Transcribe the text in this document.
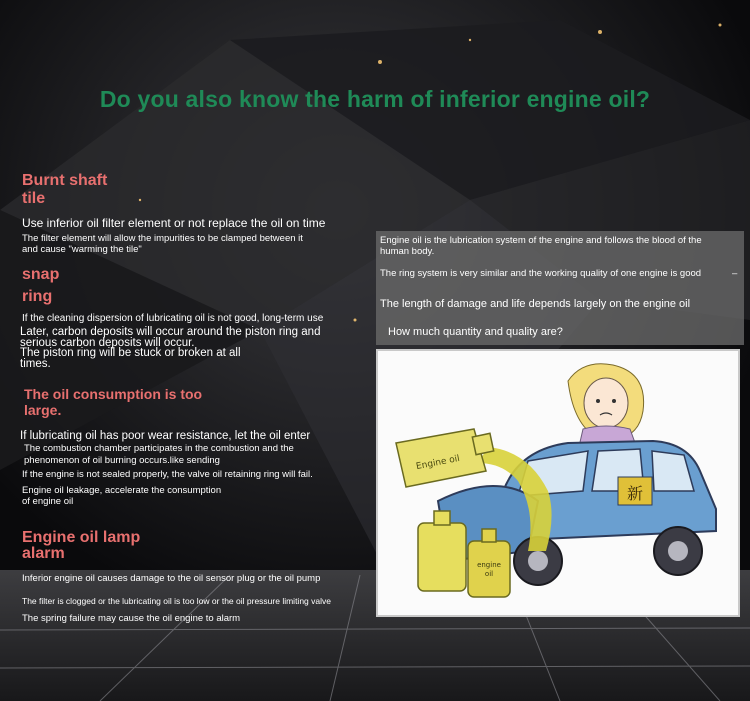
Do you also know the harm of inferior engine oil?
Burnt shaft
tile
Use inferior oil filter element or not replace the oil on time
The filter element will allow the impurities to be clamped between it
and cause "warming the tile"
snap
ring
If the cleaning dispersion of lubricating oil is not good, long-term use
Later, carbon deposits will occur around the piston ring and
serious carbon deposits will occur.
The piston ring will be stuck or broken at all
times.
The oil consumption is too
large.
If lubricating oil has poor wear resistance, let the oil enter
The combustion chamber participates in the combustion and the
phenomenon of oil burning occurs.like sending
If the engine is not sealed properly, the valve oil retaining ring will fail.
Engine oil leakage, accelerate the consumption
of engine oil
Engine oil lamp
alarm
Inferior engine oil causes damage to the oil sensor plug or the oil pump
The filter is clogged or the lubricating oil is too low or the oil pressure limiting valve
The spring failure may cause the oil engine to alarm
Engine oil is the lubrication system of the engine and follows the blood of the
human body.
The ring system is very similar and the working quality of one engine is good	–
The length of damage and life depends largely on the engine oil
How much quantity and quality are?
新
Engine oil
engine
oil
